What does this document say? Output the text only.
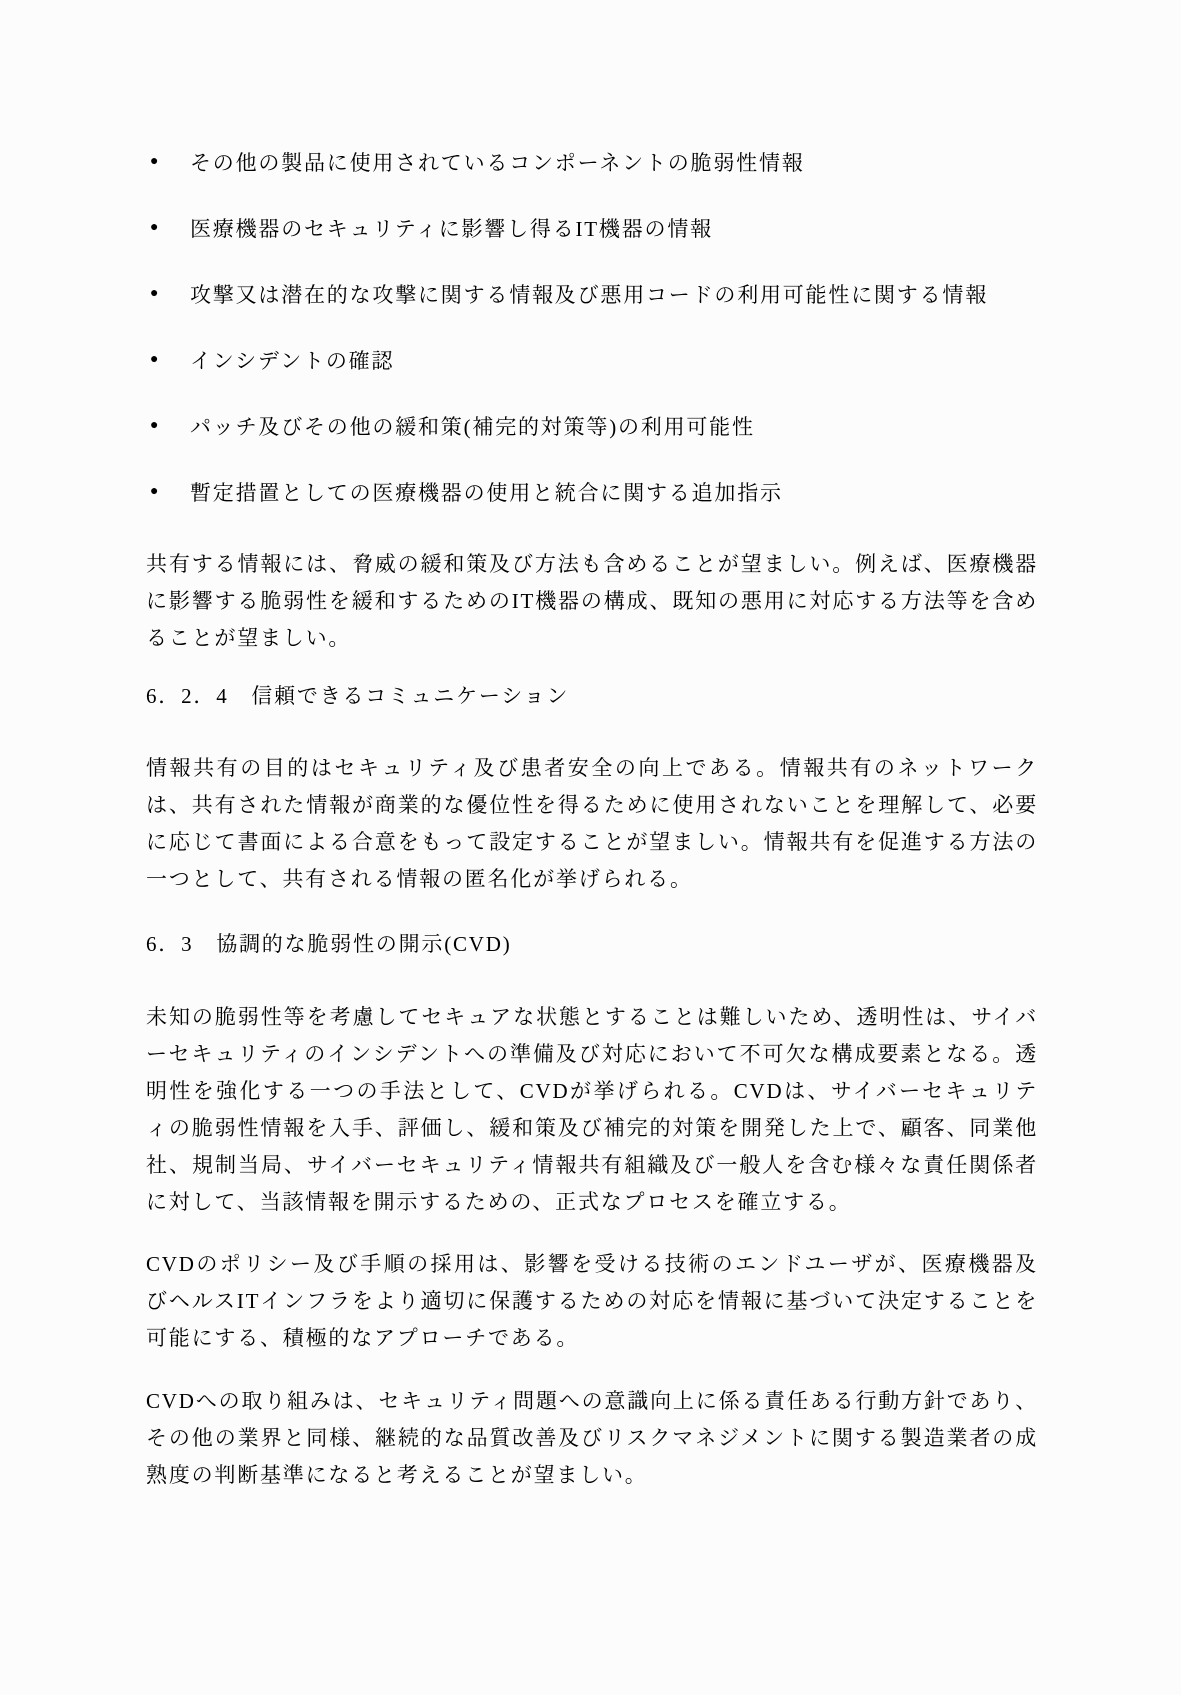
●	その他の製品に使用されているコンポーネントの脆弱性情報
●	医療機器のセキュリティに影響し得るIT機器の情報
●	攻撃又は潜在的な攻撃に関する情報及び悪用コードの利用可能性に関する情報
●	インシデントの確認
●	パッチ及びその他の緩和策(補完的対策等)の利用可能性
●	暫定措置としての医療機器の使用と統合に関する追加指示

共有する情報には、脅威の緩和策及び方法も含めることが望ましい。例えば、医療機器に影響する脆弱性を緩和するためのIT機器の構成、既知の悪用に対応する方法等を含めることが望ましい。

6．2．4　信頼できるコミュニケーション

情報共有の目的はセキュリティ及び患者安全の向上である。情報共有のネットワークは、共有された情報が商業的な優位性を得るために使用されないことを理解して、必要に応じて書面による合意をもって設定することが望ましい。情報共有を促進する方法の一つとして、共有される情報の匿名化が挙げられる。

6．3　協調的な脆弱性の開示(CVD)

未知の脆弱性等を考慮してセキュアな状態とすることは難しいため、透明性は、サイバーセキュリティのインシデントへの準備及び対応において不可欠な構成要素となる。透明性を強化する一つの手法として、CVDが挙げられる。CVDは、サイバーセキュリティの脆弱性情報を入手、評価し、緩和策及び補完的対策を開発した上で、顧客、同業他社、規制当局、サイバーセキュリティ情報共有組織及び一般人を含む様々な責任関係者に対して、当該情報を開示するための、正式なプロセスを確立する。

CVDのポリシー及び手順の採用は、影響を受ける技術のエンドユーザが、医療機器及びヘルスITインフラをより適切に保護するための対応を情報に基づいて決定することを可能にする、積極的なアプローチである。

CVDへの取り組みは、セキュリティ問題への意識向上に係る責任ある行動方針であり、その他の業界と同様、継続的な品質改善及びリスクマネジメントに関する製造業者の成熟度の判断基準になると考えることが望ましい。
